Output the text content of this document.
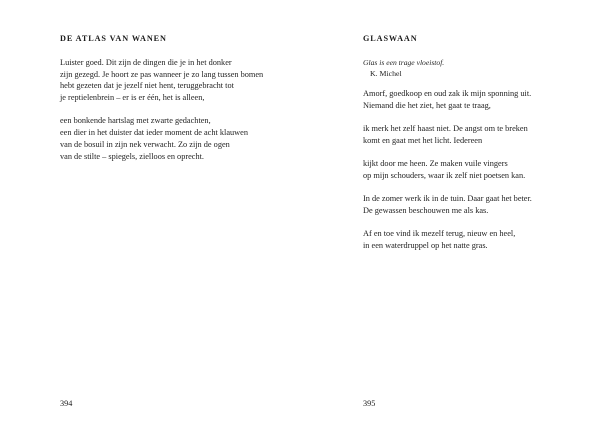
DE ATLAS VAN WANEN
Luister goed. Dit zijn de dingen die je in het donker
zijn gezegd. Je hoort ze pas wanneer je zo lang tussen bomen
hebt gezeten dat je jezelf niet hent, teruggebracht tot
je reptielenbrein – er is er één, het is alleen,
een bonkende hartslag met zwarte gedachten,
een dier in het duister dat ieder moment de acht klauwen
van de bosuil in zijn nek verwacht. Zo zijn de ogen
van de stilte – spiegels, zielloos en oprecht.
394
GLASWAAN
Glas is een trage vloeistof.
K. Michel
Amorf, goedkoop en oud zak ik mijn sponning uit.
Niemand die het ziet, het gaat te traag,
ik merk het zelf haast niet. De angst om te breken
komt en gaat met het licht. Iedereen
kijkt door me heen. Ze maken vuile vingers
op mijn schouders, waar ik zelf niet poetsen kan.
In de zomer werk ik in de tuin. Daar gaat het beter.
De gewassen beschouwen me als kas.
Af en toe vind ik mezelf terug, nieuw en heel,
in een waterdruppel op het natte gras.
395
